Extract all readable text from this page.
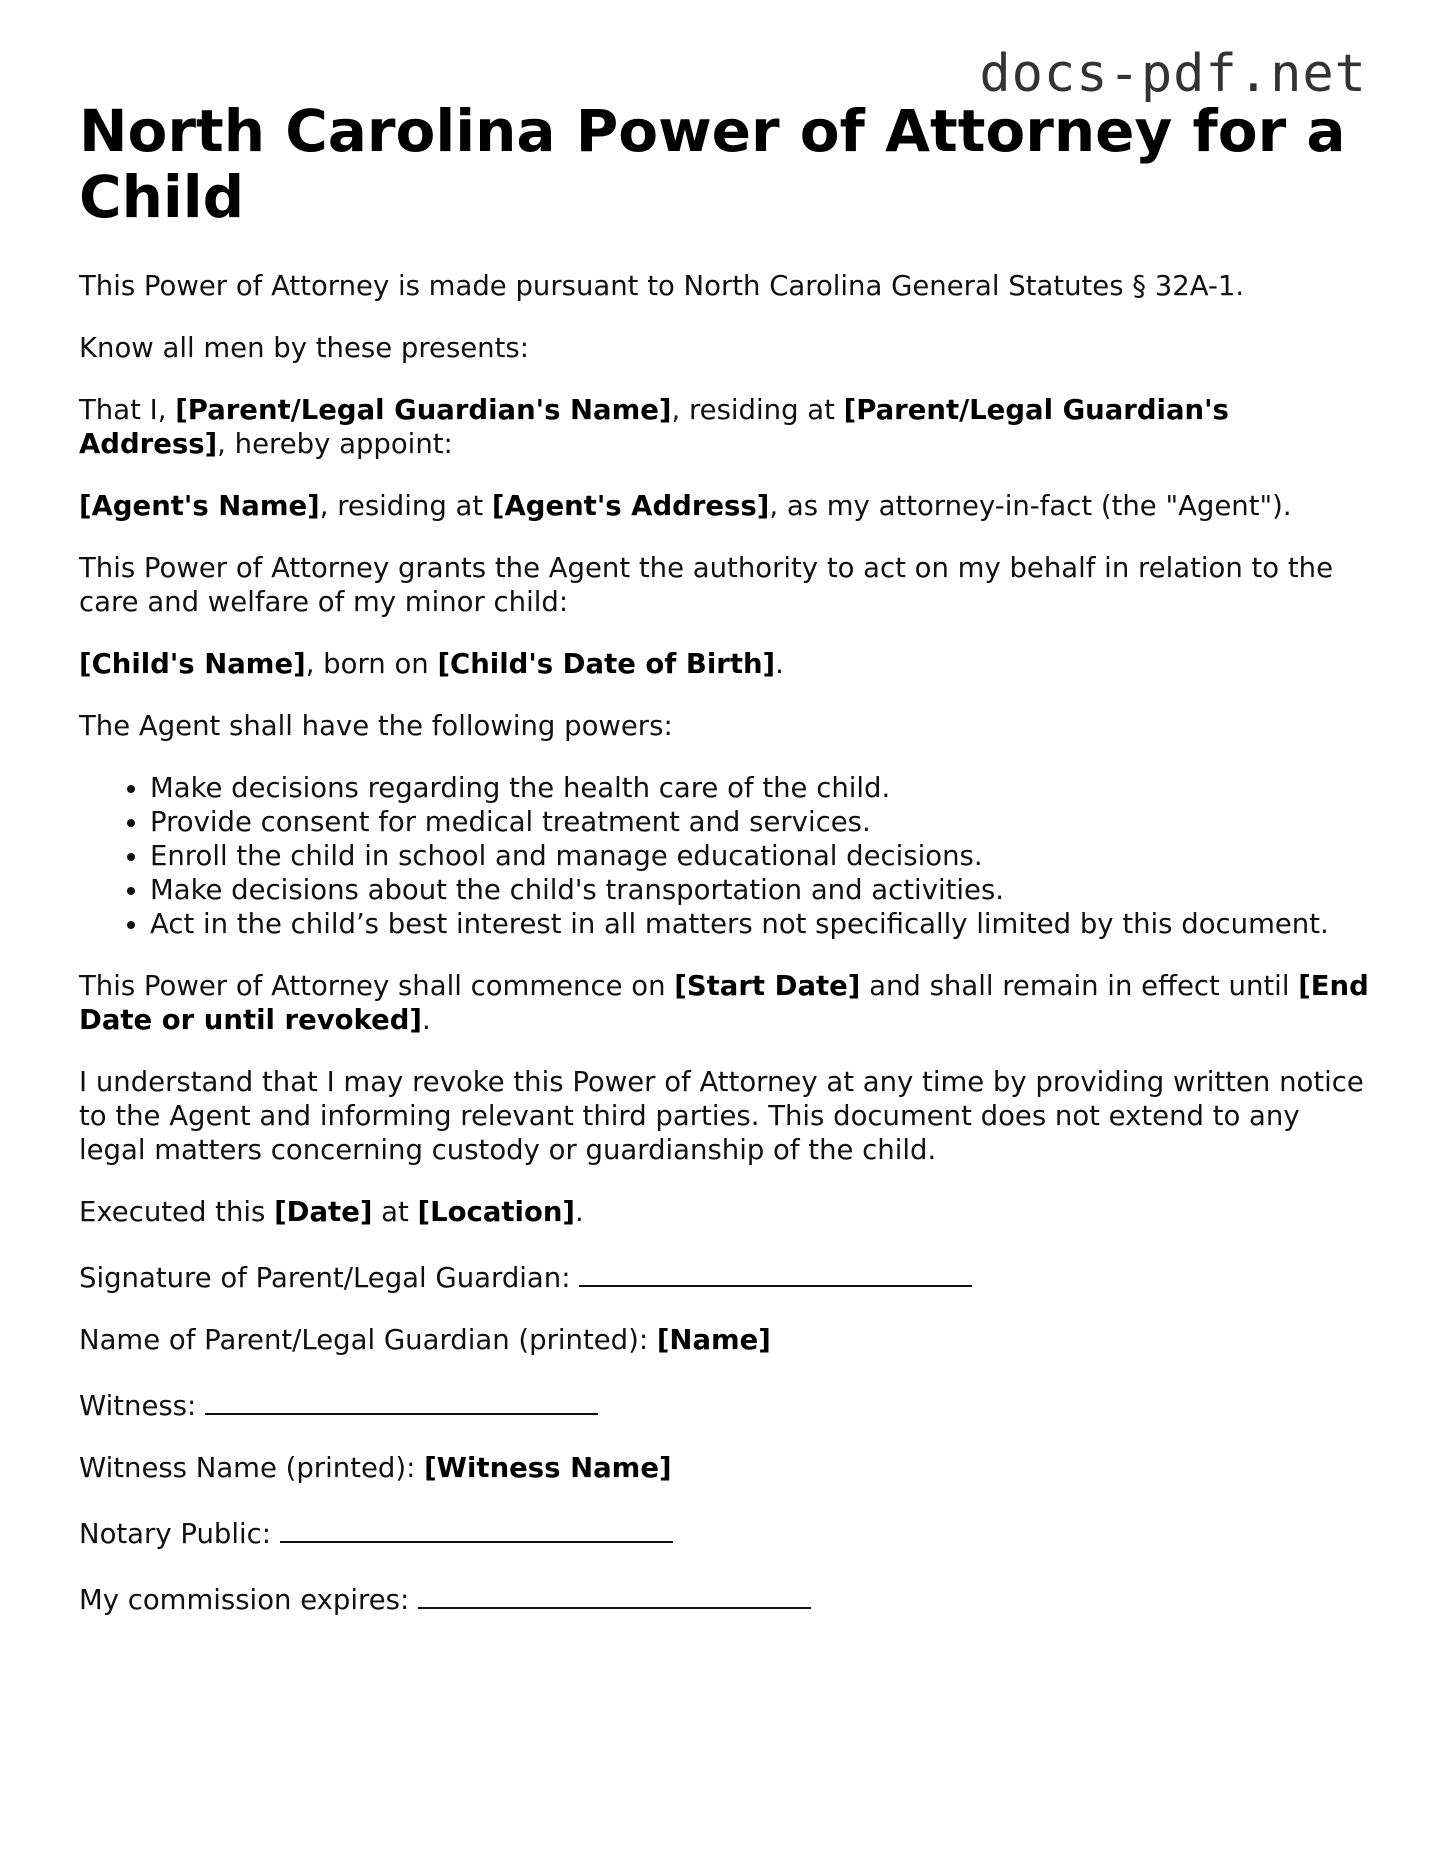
docs-pdf.net
North Carolina Power of Attorney for a Child

This Power of Attorney is made pursuant to North Carolina General Statutes § 32A-1.

Know all men by these presents:

That I, [Parent/Legal Guardian's Name], residing at [Parent/Legal Guardian's Address], hereby appoint:

[Agent's Name], residing at [Agent's Address], as my attorney-in-fact (the "Agent").

This Power of Attorney grants the Agent the authority to act on my behalf in relation to the care and welfare of my minor child:

[Child's Name], born on [Child's Date of Birth].

The Agent shall have the following powers:

• Make decisions regarding the health care of the child.
• Provide consent for medical treatment and services.
• Enroll the child in school and manage educational decisions.
• Make decisions about the child's transportation and activities.
• Act in the child’s best interest in all matters not specifically limited by this document.

This Power of Attorney shall commence on [Start Date] and shall remain in effect until [End Date or until revoked].

I understand that I may revoke this Power of Attorney at any time by providing written notice to the Agent and informing relevant third parties. This document does not extend to any legal matters concerning custody or guardianship of the child.

Executed this [Date] at [Location].

Signature of Parent/Legal Guardian:

Name of Parent/Legal Guardian (printed): [Name]

Witness:

Witness Name (printed): [Witness Name]

Notary Public:

My commission expires:
